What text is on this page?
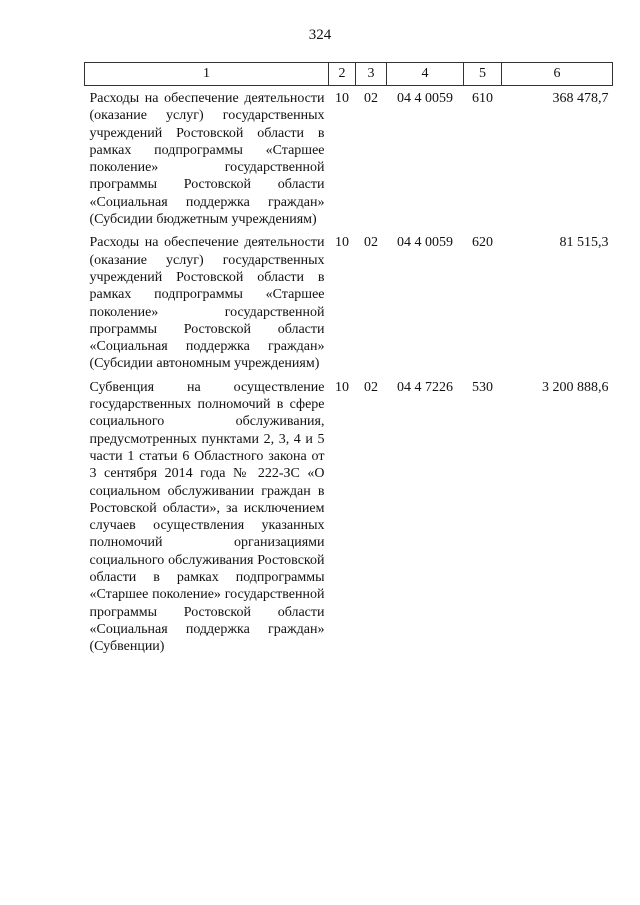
324
1	2	3	4	5	6
Расходы на обеспечение деятельности (оказание услуг) государственных учреждений Ростовской области в рамках подпрограммы «Старшее поколение» государственной программы Ростовской области «Социальная поддержка граждан» (Субсидии бюджетным учреждениям)	10	02	04 4 0059	610	368 478,7
Расходы на обеспечение деятельности (оказание услуг) государственных учреждений Ростовской области в рамках подпрограммы «Старшее поколение» государственной программы Ростовской области «Социальная поддержка граждан» (Субсидии автономным учреждениям)	10	02	04 4 0059	620	81 515,3
Субвенция на осуществление государственных полномочий в сфере социального обслуживания, предусмотренных пунктами 2, 3, 4 и 5 части 1 статьи 6 Областного закона от 3 сентября 2014 года № 222-ЗС «О социальном обслуживании граждан в Ростовской области», за исключением случаев осуществления указанных полномочий организациями социального обслуживания Ростовской области в рамках подпрограммы «Старшее поколение» государственной программы Ростовской области «Социальная поддержка граждан» (Субвенции)	10	02	04 4 7226	530	3 200 888,6
